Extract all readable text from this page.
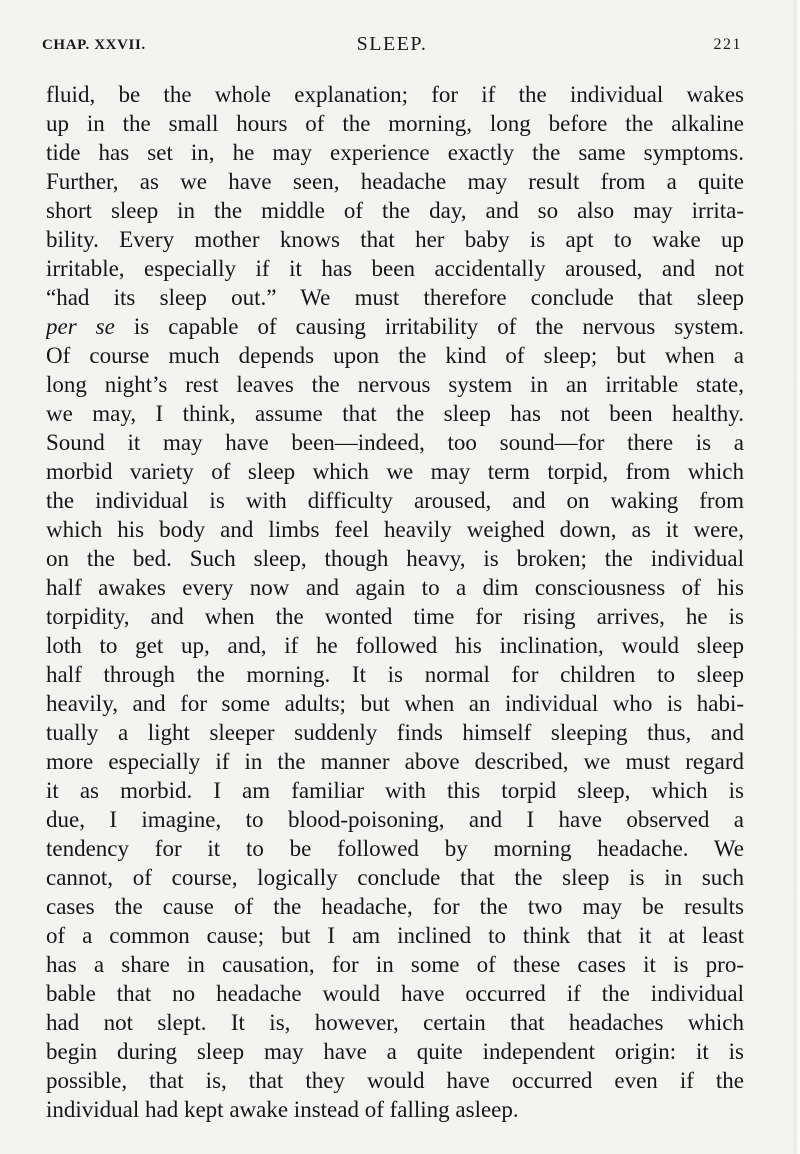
CHAP. XXVII.	SLEEP.	221
fluid, be the whole explanation; for if the individual wakes
up in the small hours of the morning, long before the alkaline
tide has set in, he may experience exactly the same symptoms.
Further, as we have seen, headache may result from a quite
short sleep in the middle of the day, and so also may irrita-
bility. Every mother knows that her baby is apt to wake up
irritable, especially if it has been accidentally aroused, and not
“had its sleep out.” We must therefore conclude that sleep
per se is capable of causing irritability of the nervous system.
Of course much depends upon the kind of sleep; but when a
long night’s rest leaves the nervous system in an irritable state,
we may, I think, assume that the sleep has not been healthy.
Sound it may have been—indeed, too sound—for there is a
morbid variety of sleep which we may term torpid, from which
the individual is with difficulty aroused, and on waking from
which his body and limbs feel heavily weighed down, as it were,
on the bed. Such sleep, though heavy, is broken; the individual
half awakes every now and again to a dim consciousness of his
torpidity, and when the wonted time for rising arrives, he is
loth to get up, and, if he followed his inclination, would sleep
half through the morning. It is normal for children to sleep
heavily, and for some adults; but when an individual who is habi-
tually a light sleeper suddenly finds himself sleeping thus, and
more especially if in the manner above described, we must regard
it as morbid. I am familiar with this torpid sleep, which is
due, I imagine, to blood-poisoning, and I have observed a
tendency for it to be followed by morning headache. We
cannot, of course, logically conclude that the sleep is in such
cases the cause of the headache, for the two may be results
of a common cause; but I am inclined to think that it at least
has a share in causation, for in some of these cases it is pro-
bable that no headache would have occurred if the individual
had not slept. It is, however, certain that headaches which
begin during sleep may have a quite independent origin: it is
possible, that is, that they would have occurred even if the
individual had kept awake instead of falling asleep.
